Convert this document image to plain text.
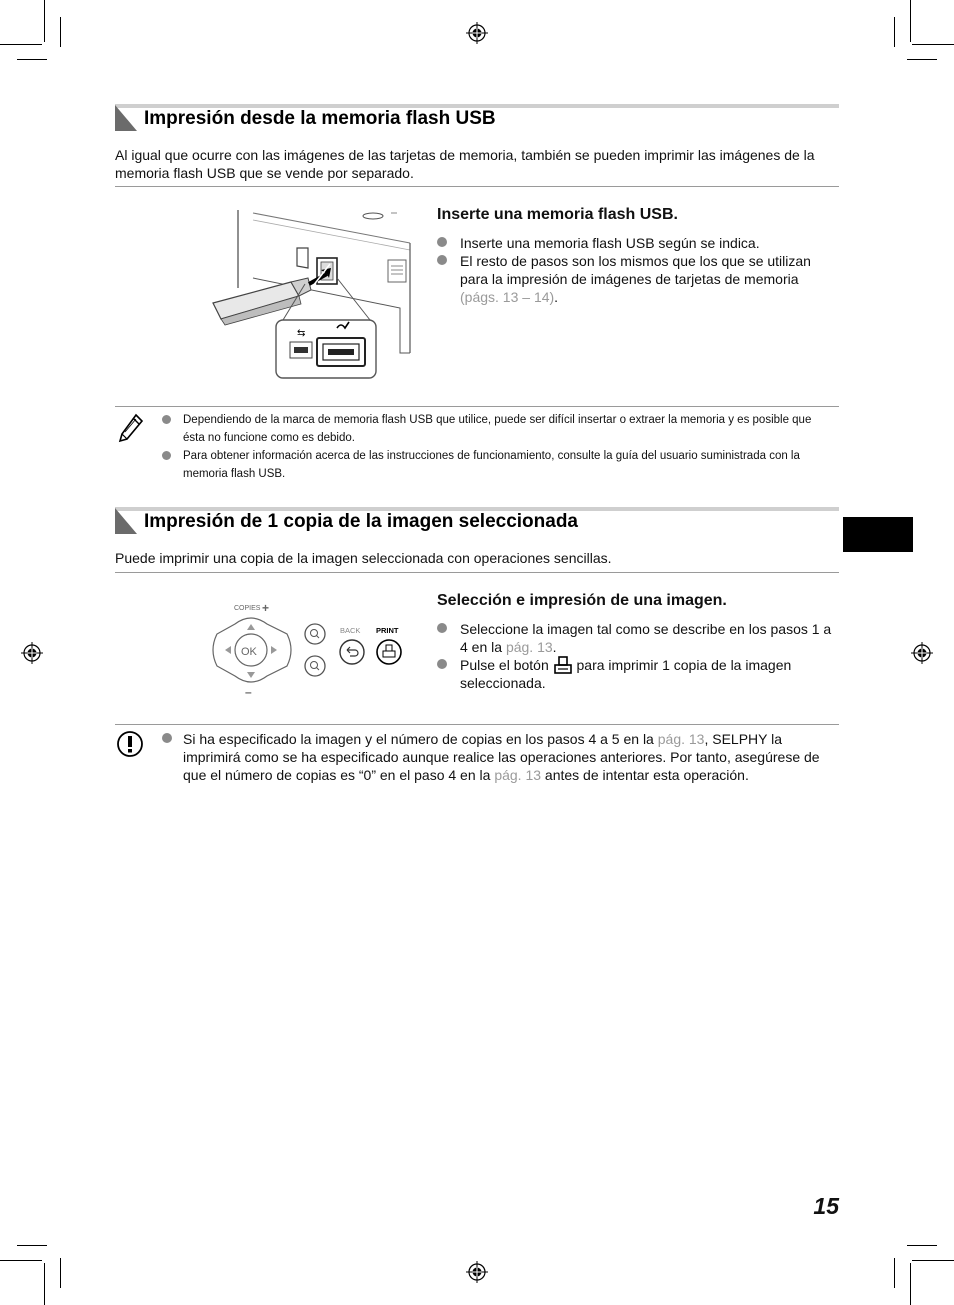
Impresión desde la memoria flash USB
Al igual que ocurre con las imágenes de las tarjetas de memoria, también se pueden imprimir las imágenes de la memoria flash USB que se vende por separado.
⇆
Inserte una memoria flash USB.
Inserte una memoria flash USB según se indica.
El resto de pasos son los mismos que los que se utilizan para la impresión de imágenes de tarjetas de memoria (págs. 13 – 14).
Dependiendo de la marca de memoria flash USB que utilice, puede ser difícil insertar o extraer la memoria y es posible que ésta no funcione como es debido.
Para obtener información acerca de las instrucciones de funcionamiento, consulte la guía del usuario suministrada con la memoria flash USB.
Impresión de 1 copia de la imagen seleccionada
Puede imprimir una copia de la imagen seleccionada con operaciones sencillas.
COPIES +
OK
–
BACK PRINT
Selección e impresión de una imagen.
Seleccione la imagen tal como se describe en los pasos 1 a 4 en la pág. 13.
Pulse el botón  para imprimir 1 copia de la imagen seleccionada.
Si ha especificado la imagen y el número de copias en los pasos 4 a 5 en la pág. 13, SELPHY la imprimirá como se ha especificado aunque realice las operaciones anteriores. Por tanto, asegúrese de que el número de copias es “0” en el paso 4 en la pág. 13 antes de intentar esta operación.
15
